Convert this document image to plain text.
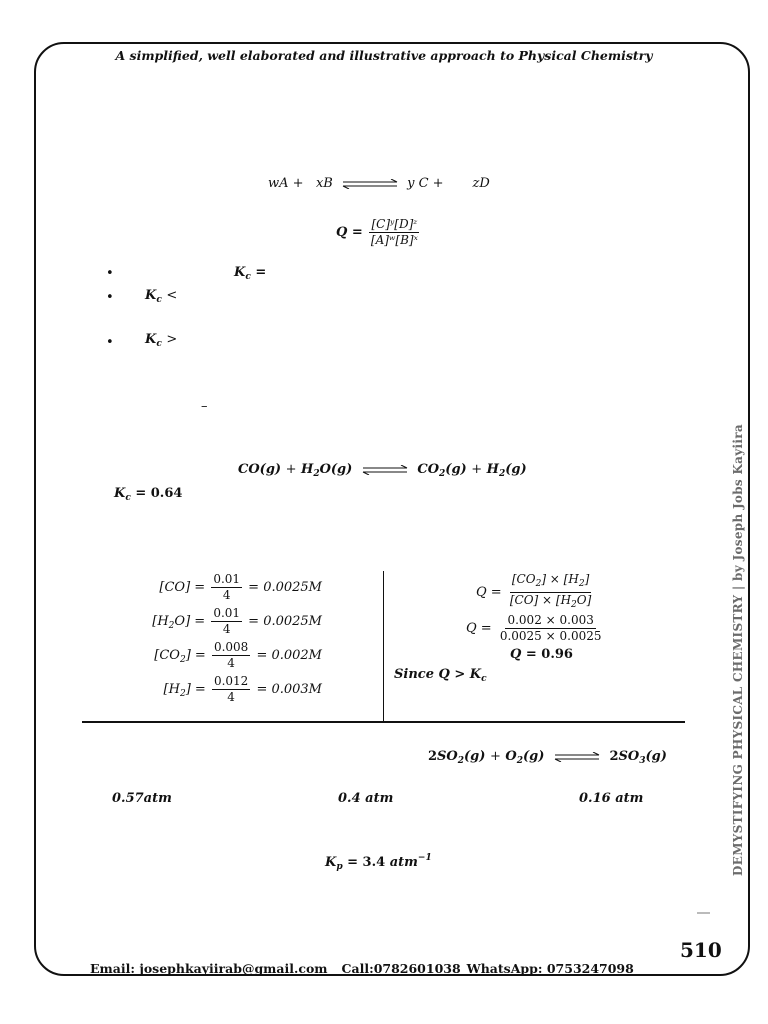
A simplified, well elaborated and illustrative approach to Physical Chemistry
wA +   xB	y C +       zD
$Q = \frac{\text{[C]ʸ[D]ᶻ}}{\text{[A]ʷ[B]ˣ}}$
•	$K_c$ =
• $K_c$ <
• $K_c$ >
–
$CO(g) + H_2O(g)$ ⇌ $CO_2(g) + H_2(g)$
$K_c = 0.64$
$[CO] = \frac{0.01}{4} = 0.0025M$
$[H_2O] = \frac{0.01}{4} = 0.0025M$
$[CO_2] = \frac{0.008}{4} = 0.002M$
$[H_2] = \frac{0.012}{4} = 0.003M$
$Q = \frac{[CO_2] \times [H_2]}{[CO] \times [H_2O]}$
$Q = \frac{0.002 \times 0.003}{0.0025 \times 0.0025}$
Q = 0.96
Since $Q > K_c$
$2SO_2(g) + O_2(g)$ ⇌ $2SO_3(g)$
0.57atm	0.4 atm	0.16 atm
$K_p = 3.4$ atm$^{-1}$	DEMYSTIFYING PHYSICAL CHEMISTRY | by Joseph Jobs Kayiira
510
Email: josephkayiirab@gmail.com Call:0782601038 WhatsApp: 0753247098
